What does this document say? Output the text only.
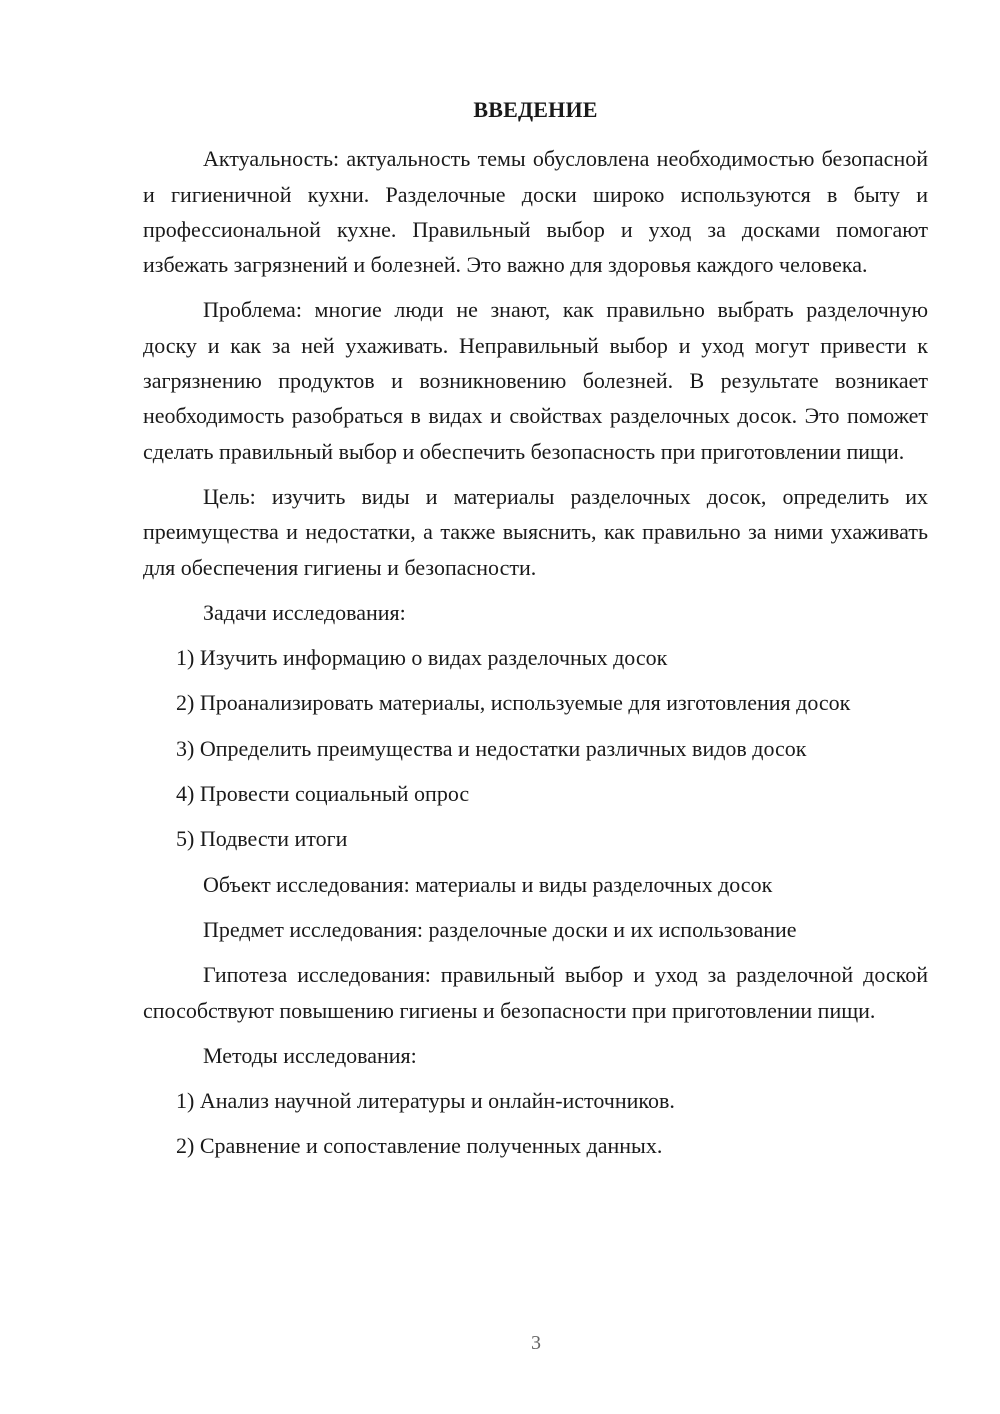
ВВЕДЕНИЕ

Актуальность: актуальность темы обусловлена необходимостью безопасной и гигиеничной кухни. Разделочные доски широко используются в быту и профессиональной кухне. Правильный выбор и уход за досками помогают избежать загрязнений и болезней. Это важно для здоровья каждого человека.

Проблема: многие люди не знают, как правильно выбрать разделочную доску и как за ней ухаживать. Неправильный выбор и уход могут привести к загрязнению продуктов и возникновению болезней. В результате возникает необходимость разобраться в видах и свойствах разделочных досок. Это поможет сделать правильный выбор и обеспечить безопасность при приготовлении пищи.

Цель: изучить виды и материалы разделочных досок, определить их преимущества и недостатки, а также выяснить, как правильно за ними ухаживать для обеспечения гигиены и безопасности.

Задачи исследования:

1) Изучить информацию о видах разделочных досок

2) Проанализировать материалы, используемые для изготовления досок

3) Определить преимущества и недостатки различных видов досок

4) Провести социальный опрос

5) Подвести итоги

Объект исследования: материалы и виды разделочных досок

Предмет исследования: разделочные доски и их использование

Гипотеза исследования: правильный выбор и уход за разделочной доской способствуют повышению гигиены и безопасности при приготовлении пищи.

Методы исследования:

1) Анализ научной литературы и онлайн-источников.

2) Сравнение и сопоставление полученных данных.

3
